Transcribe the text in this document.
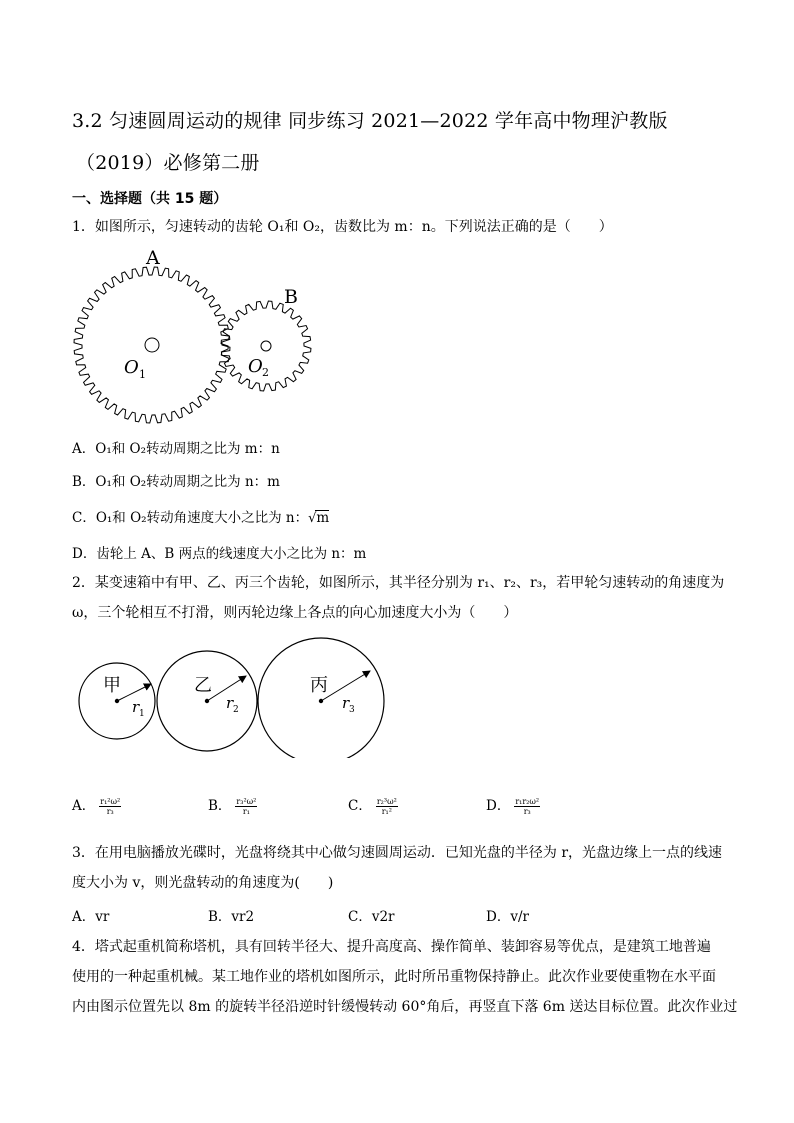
3.2 匀速圆周运动的规律 同步练习 2021—2022 学年高中物理沪教版
（2019）必修第二册
一、选择题（共 15 题）
1．如图所示，匀速转动的齿轮 O₁和 O₂，齿数比为 m：n。下列说法正确的是（　　）
A
B
O 1	O 2
A．O₁和 O₂转动周期之比为 m：n
B．O₁和 O₂转动周期之比为 n：m
C．O₁和 O₂转动角速度大小之比为 n：√m
D．齿轮上 A、B 两点的线速度大小之比为 n：m
2．某变速箱中有甲、乙、丙三个齿轮，如图所示，其半径分别为 r₁、r₂、r₃，若甲轮匀速转动的角速度为
ω，三个轮相互不打滑，则丙轮边缘上各点的向心加速度大小为（　　）
甲	乙	丙
r 1
r 2	r 3
A． $\frac{\text{r₁²ω²}}{\text{r₃}}$	B． $\frac{\text{r₃²ω²}}{\text{r₁}}$	C． $\frac{\text{r₂³ω²}}{\text{r₁²}}$	D． $\frac{\text{r₁r₂ω²}}{\text{r₃}}$
3．在用电脑播放光碟时，光盘将绕其中心做匀速圆周运动．已知光盘的半径为 r，光盘边缘上一点的线速
度大小为 v，则光盘转动的角速度为(　　)
A．vr	B．vr2	C．v2r	D．v/r
4．塔式起重机简称塔机，具有回转半径大、提升高度高、操作简单、装卸容易等优点，是建筑工地普遍
使用的一种起重机械。某工地作业的塔机如图所示，此时所吊重物保持静止。此次作业要使重物在水平面
内由图示位置先以 8m 的旋转半径沿逆时针缓慢转动 60°角后，再竖直下落 6m 送达目标位置。此次作业过
